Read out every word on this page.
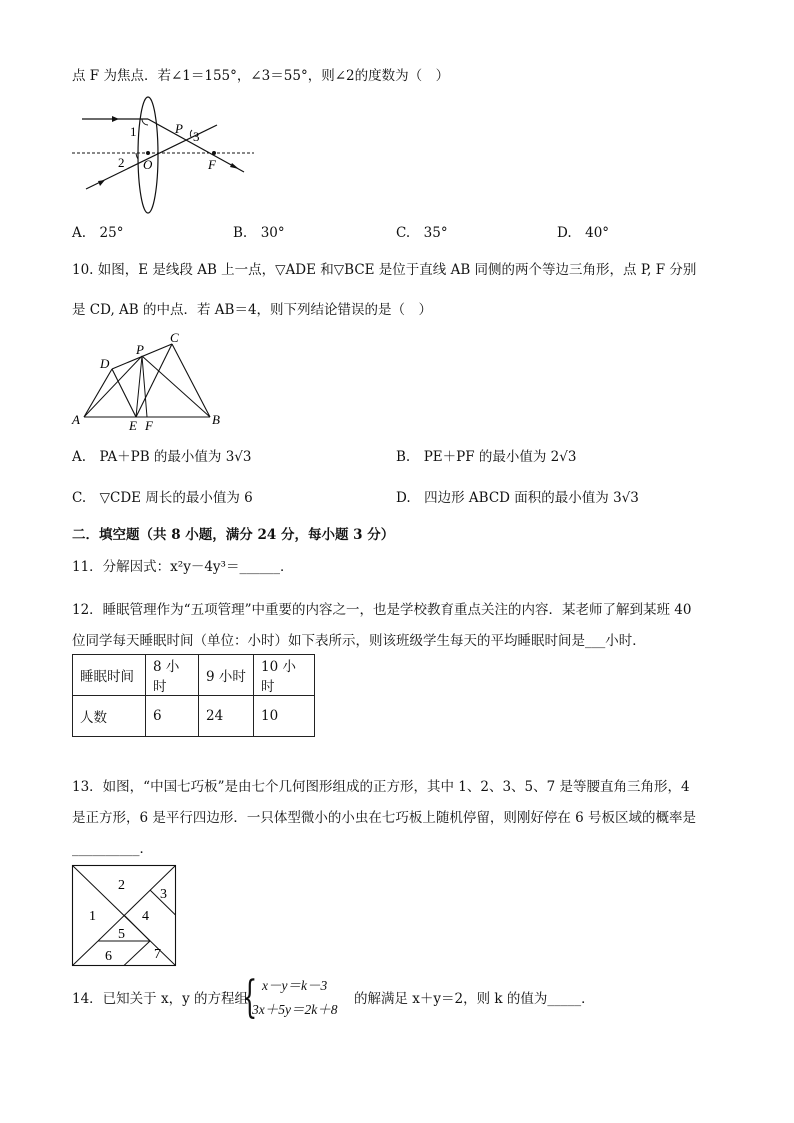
点 F 为焦点．若∠1＝155°，∠3＝55°，则∠2的度数为（　）
1
2
3
P
O	F
A.　25°	B.　30°	C.　35°	D.　40°
10. 如图，E 是线段 AB 上一点，▽ADE 和▽BCE 是位于直线 AB 同侧的两个等边三角形，点 P, F 分别
是 CD, AB 的中点．若 AB＝4，则下列结论错误的是（　）
A	B
C
D
P
E F
A.　PA＋PB 的最小值为 3√3	B.　PE＋PF 的最小值为 2√3
C.　▽CDE 周长的最小值为 6	D.　四边形 ABCD 面积的最小值为 3√3
二．填空题（共 8 小题，满分 24 分，每小题 3 分）
11．分解因式：x²y－4y³＝______．
12．睡眠管理作为“五项管理”中重要的内容之一，也是学校教育重点关注的内容．某老师了解到某班 40
位同学每天睡眠时间（单位：小时）如下表所示，则该班级学生每天的平均睡眠时间是___小时．
睡眠时间	8 小时	9 小时	10 小时
人数	6	24	10
13．如图，“中国七巧板”是由七个几何图形组成的正方形，其中 1、2、3、5、7 是等腰直角三角形，4
是正方形，6 是平行四边形．一只体型微小的小虫在七巧板上随机停留，则刚好停在 6 号板区域的概率是
__________．
1
2
3
4
5
6	7
14．已知关于 x，y 的方程组
{ x－y＝k－3
3x＋5y＝2k＋8
的解满足 x＋y＝2，则 k 的值为_____．
